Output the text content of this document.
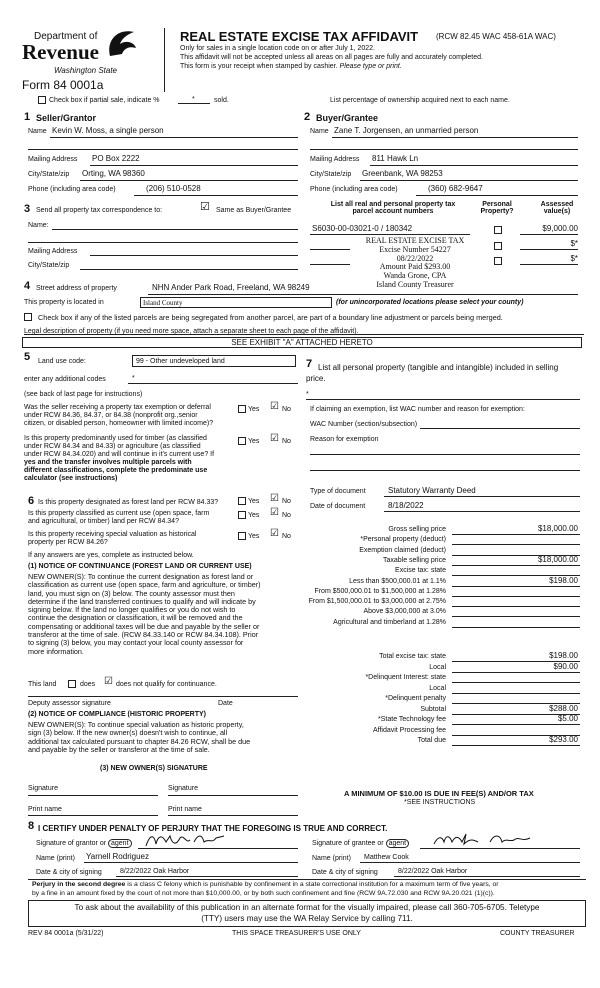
Department of
Revenue
Washington State
Form 84 0001a
REAL ESTATE EXCISE TAX AFFIDAVIT (RCW 82.45 WAC 458-61A WAC)
Only for sales in a single location code on or after July 1, 2022.
This affidavit will not be accepted unless all areas on all pages are fully and accurately completed.
This form is your receipt when stamped by cashier. Please type or print.
Check box if partial sale, indicate %	*	sold.	List percentage of ownership acquired next to each name.
1 Seller/Grantor
Name Kevin W. Moss, a single person
Mailing Address PO Box 2222
City/State/zip Orting, WA 98360
Phone (including area code)	(206) 510-0528
2 Buyer/Grantee
Name Zane T. Jorgensen, an unmarried person
Mailing Address 811 Hawk Ln
City/State/zip Greenbank, WA 98253
Phone (including area code)	(360) 682-9647
3 Send all property tax correspondence to:	☑ Same as Buyer/Grantee
Name:
Mailing Address
City/State/zip
List all real and personal property tax
parcel account numbers
Personal
Property?
Assessed
value(s)
S6030-00-03021-0 / 180342	$9,000.00
$*
$*
REAL ESTATE EXCISE TAX
Excise Number 54227
08/22/2022
Amount Paid $293.00
Wanda Grone, CPA
Island County Treasurer
4 Street address of property	NHN Ander Park Road, Freeland, WA 98249
This property is located in	Island County	(for unincorporated locations please select your county)
Check box if any of the listed parcels are being segregated from another parcel, are part of a boundary line adjustment or parcels being merged.
Legal description of property (if you need more space, attach a separate sheet to each page of the affidavit).
SEE EXHIBIT "A" ATTACHED HERETO
5 Land use code:	99 - Other undeveloped land
enter any additional codes	*
(see back of last page for instructions)
Was the seller receiving a property tax exemption or deferral
under RCW 84.36, 84.37, or 84.38 (nonprofit org.,senior
citizen, or disabled person, homeowner with limited income)?
Yes ☑ No
Is this property predominantly used for timber (as classified
under RCW 84.34 and 84.33) or agriculture (as classified
under RCW 84.34.020) and will continue in it's current use? If
yes and the transfer involves multiple parcels with
different classifications, complete the predominate use
calculator (see instructions)
Yes ☑ No
6 Is this property designated as forest land per RCW 84.33?	Yes ☑ No
Is this property classified as current use (open space, farm
and agricultural, or timber) land per RCW 84.34?
Yes ☑ No
Is this property receiving special valuation as historical
property per RCW 84.26?
Yes ☑ No
If any answers are yes, complete as instructed below.
(1) NOTICE OF CONTINUANCE (FOREST LAND OR CURRENT USE)
NEW OWNER(S): To continue the current designation as forest land or
classification as current use (open space, farm and agriculture, or timber)
land, you must sign on (3) below. The county assessor must then
determine if the land transferred continues to qualify and will indicate by
signing below. If the land no longer qualifies or you do not wish to
continue the designation or classification, it will be removed and the
compensating or additional taxes will be due and payable by the seller or
transferor at the time of sale. (RCW 84.33.140 or RCW 84.34.108). Prior
to signing (3) below, you may contact your local county assessor for
more information.
This land	does ☑ does not qualify for continuance.
Deputy assessor signature	Date
(2) NOTICE OF COMPLIANCE (HISTORIC PROPERTY)
NEW OWNER(S): To continue special valuation as historic property,
sign (3) below. If the new owner(s) doesn't wish to continue, all
additional tax calculated pursuant to chapter 84.26 RCW, shall be due
and payable by the seller or transferor at the time of sale.
(3) NEW OWNER(S) SIGNATURE
Signature	Signature
Print name	Print name
7 List all personal property (tangible and intangible) included in selling
price.
*
If claiming an exemption, list WAC number and reason for exemption:
WAC Number (section/subsection)
Reason for exemption
Type of document	Statutory Warranty Deed
Date of document	8/18/2022
Gross selling price	$18,000.00
*Personal property (deduct)
Exemption claimed (deduct)
Taxable selling price	$18,000.00
Excise tax: state
Less than $500,000.01 at 1.1%	$198.00
From $500,000.01 to $1,500,000 at 1.28%
From $1,500,000.01 to $3,000,000 at 2.75%
Above $3,000,000 at 3.0%
Agricultural and timberland at 1.28%
Total excise tax: state	$198.00
Local	$90.00
*Delinquent Interest: state
Local
*Delinquent penalty
Subtotal	$288.00
*State Technology fee	$5.00
Affidavit Processing fee
Total due	$293.00
A MINIMUM OF $10.00 IS DUE IN FEE(S) AND/OR TAX
*SEE INSTRUCTIONS
8 I CERTIFY UNDER PENALTY OF PERJURY THAT THE FOREGOING IS TRUE AND CORRECT.
Signature of grantor or agent	Signature of grantee or agent
Name (print) Yarnell Rodriguez	Name (print) Matthew Cook
Date & city of signing	8/22/2022 Oak Harbor	Date & city of signing	8/22/2022 Oak Harbor
Perjury in the second degree is a class C felony which is punishable by confinement in a state correctional institution for a maximum term of five years, or
by a fine in an amount fixed by the court of not more than $10,000.00, or by both such confinement and fine (RCW 9A.72.030 and RCW 9A.20.021 (1)(c)).
To ask about the availability of this publication in an alternate format for the visually impaired, please call 360-705-6705. Teletype
(TTY) users may use the WA Relay Service by calling 711.
REV 84 0001a (5/31/22)	THIS SPACE TREASURER'S USE ONLY	COUNTY TREASURER
